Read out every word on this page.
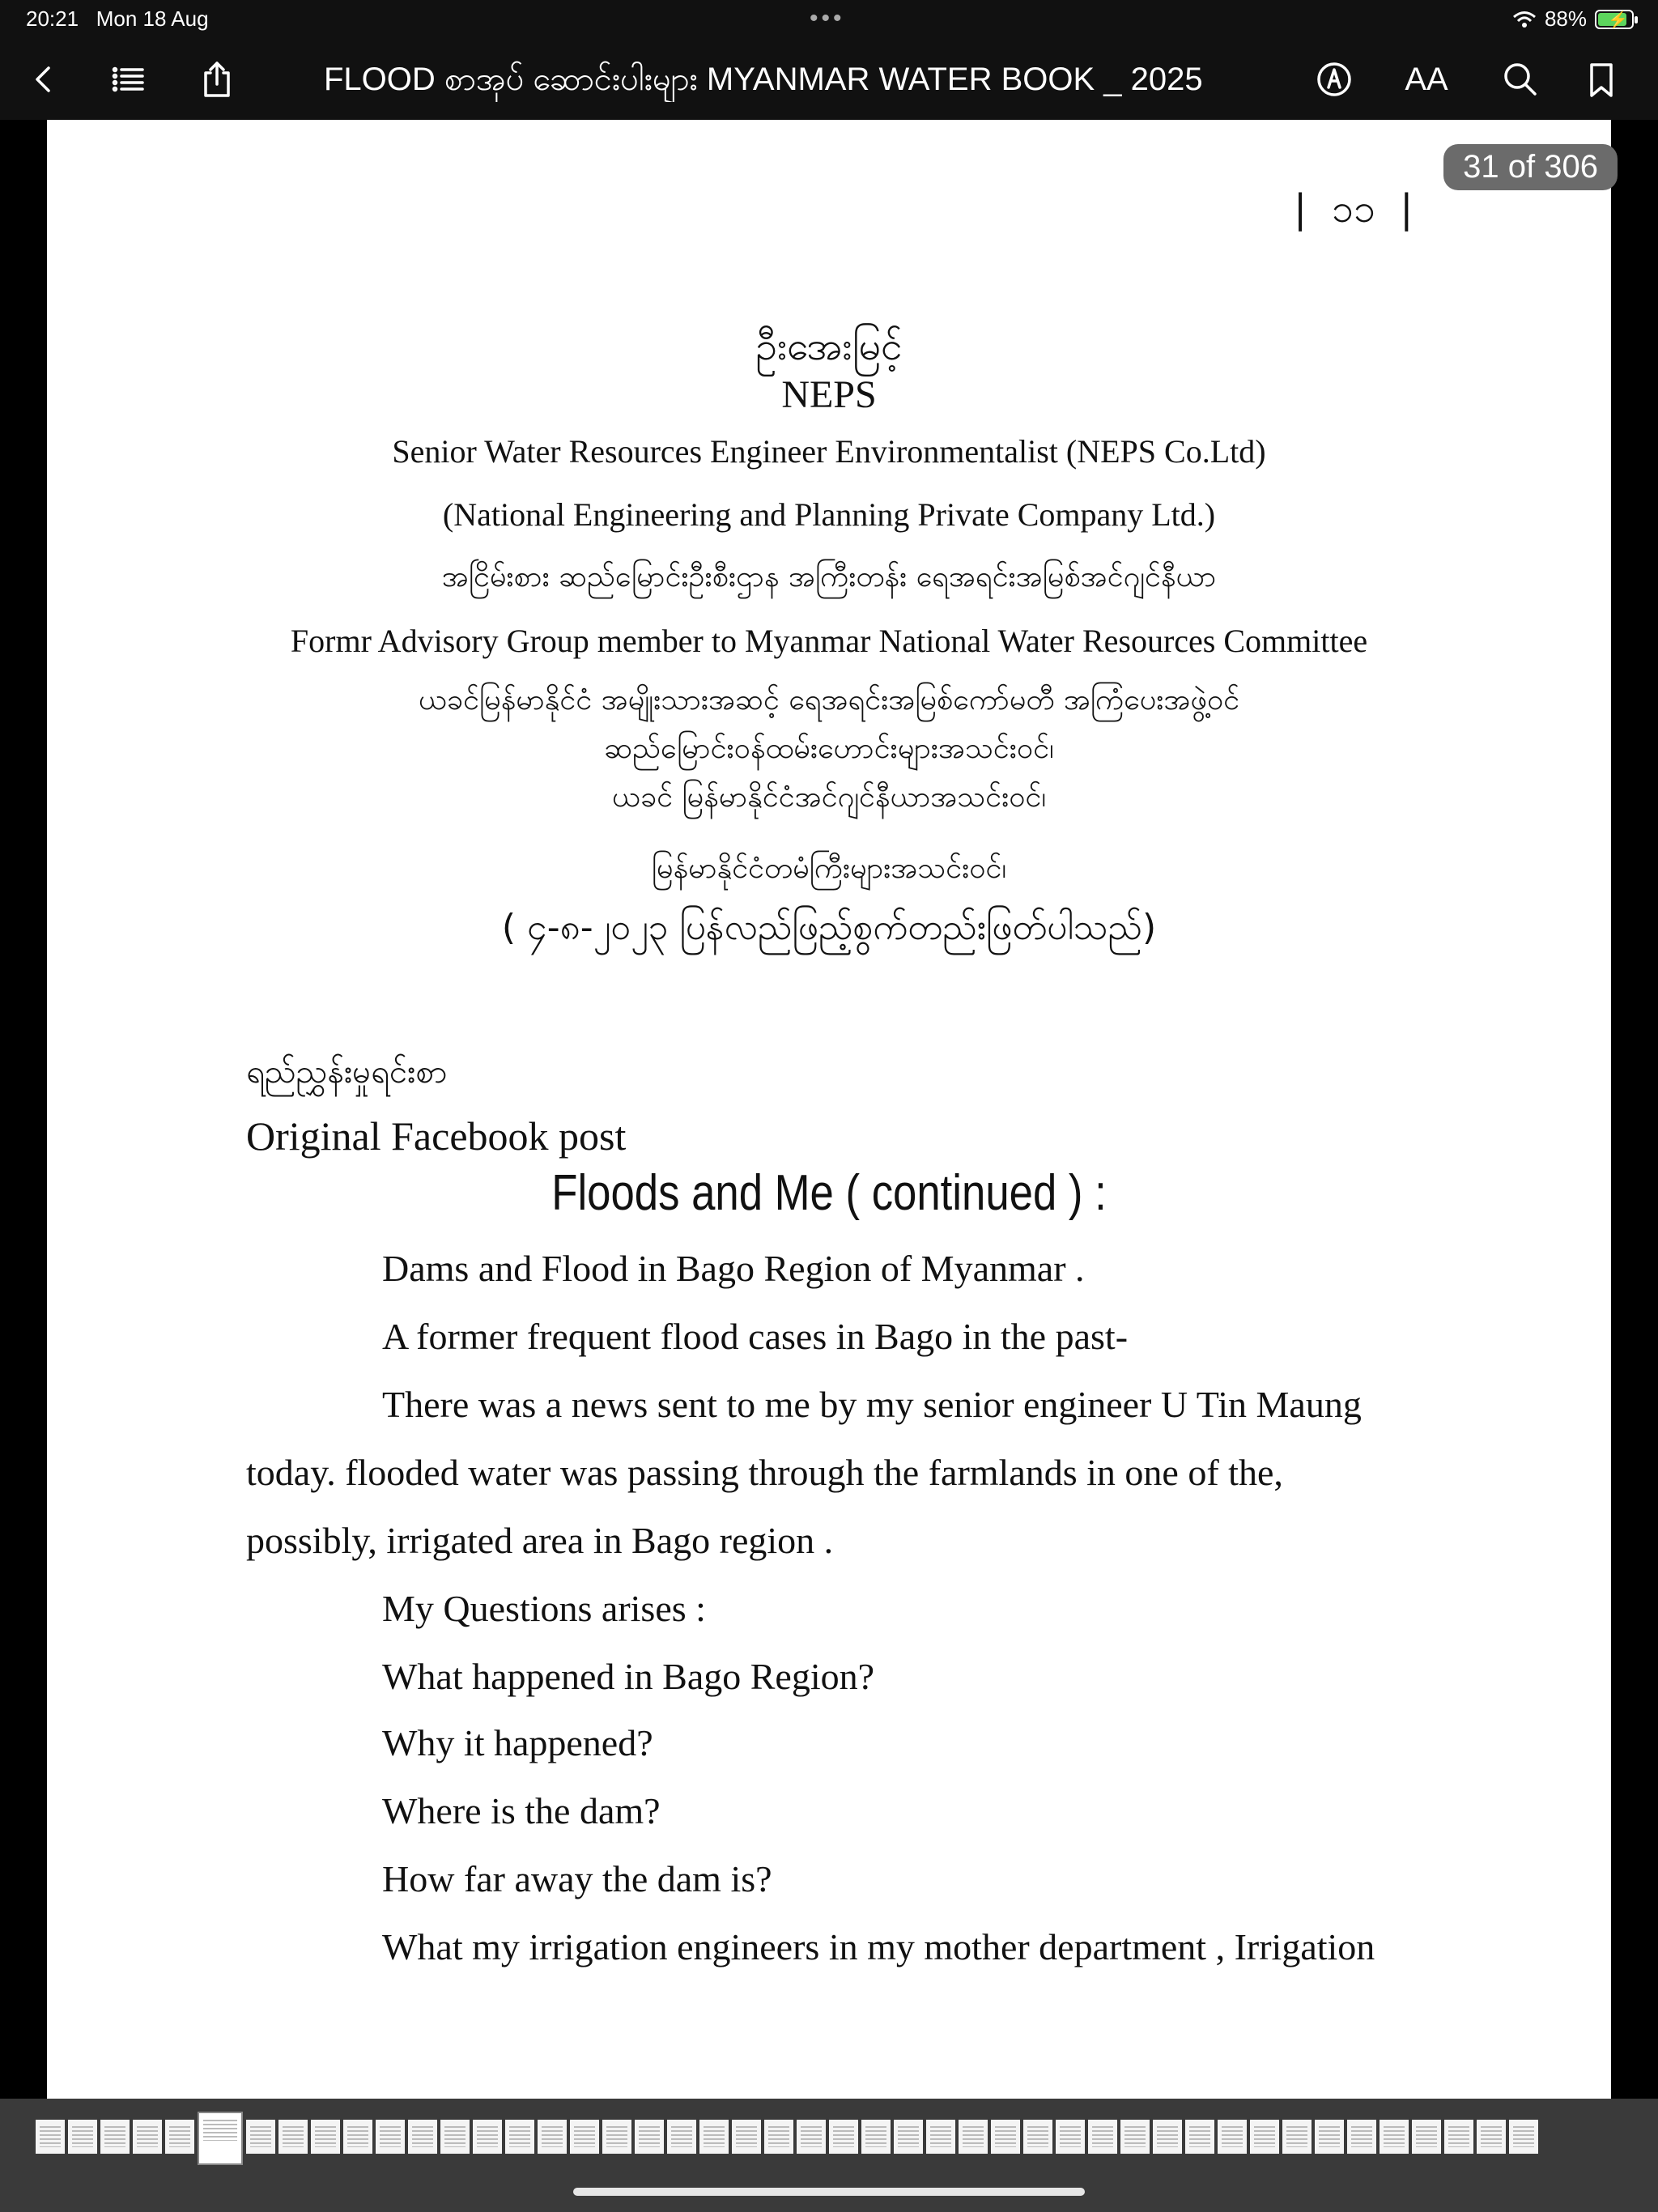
20:21 Mon 18 Aug	•••	88% ⚡
FLOOD စာအုပ် ဆောင်းပါးများ MYANMAR WATER BOOK _ 2025	AA
| ၁၁ |
ဦးအေးမြင့်
NEPS
Senior Water Resources Engineer Environmentalist (NEPS Co.Ltd)
(National Engineering and Planning Private Company Ltd.)
အငြိမ်းစား ဆည်မြောင်းဦးစီးဌာန အကြီးတန်း ရေအရင်းအမြစ်အင်ဂျင်နီယာ
Formr Advisory Group member to Myanmar National Water Resources Committee
ယခင်မြန်မာနိုင်ငံ အမျိုးသားအဆင့် ရေအရင်းအမြစ်ကော်မတီ အကြံပေးအဖွဲ့ဝင်
ဆည်မြောင်းဝန်ထမ်းဟောင်းများအသင်းဝင်၊
ယခင် မြန်မာနိုင်ငံအင်ဂျင်နီယာအသင်းဝင်၊
မြန်မာနိုင်ငံတမံကြီးများအသင်းဝင်၊
( ၄-၈-၂၀၂၃ ပြန်လည်ဖြည့်စွက်တည်းဖြတ်ပါသည်)
ရည်ညွှန်းမှုရင်းစာ
Original Facebook post
Floods and Me ( continued ) :
Dams and Flood in Bago Region of Myanmar .
A former frequent flood cases in Bago in the past-
There was a news sent to me by my senior engineer U Tin Maung
today. flooded water was passing through the farmlands in one of the,
possibly, irrigated area in Bago region .
My Questions arises :
What happened in Bago Region?
Why it happened?
Where is the dam?
How far away the dam is?
What my irrigation engineers in my mother department , Irrigation
31 of 306
